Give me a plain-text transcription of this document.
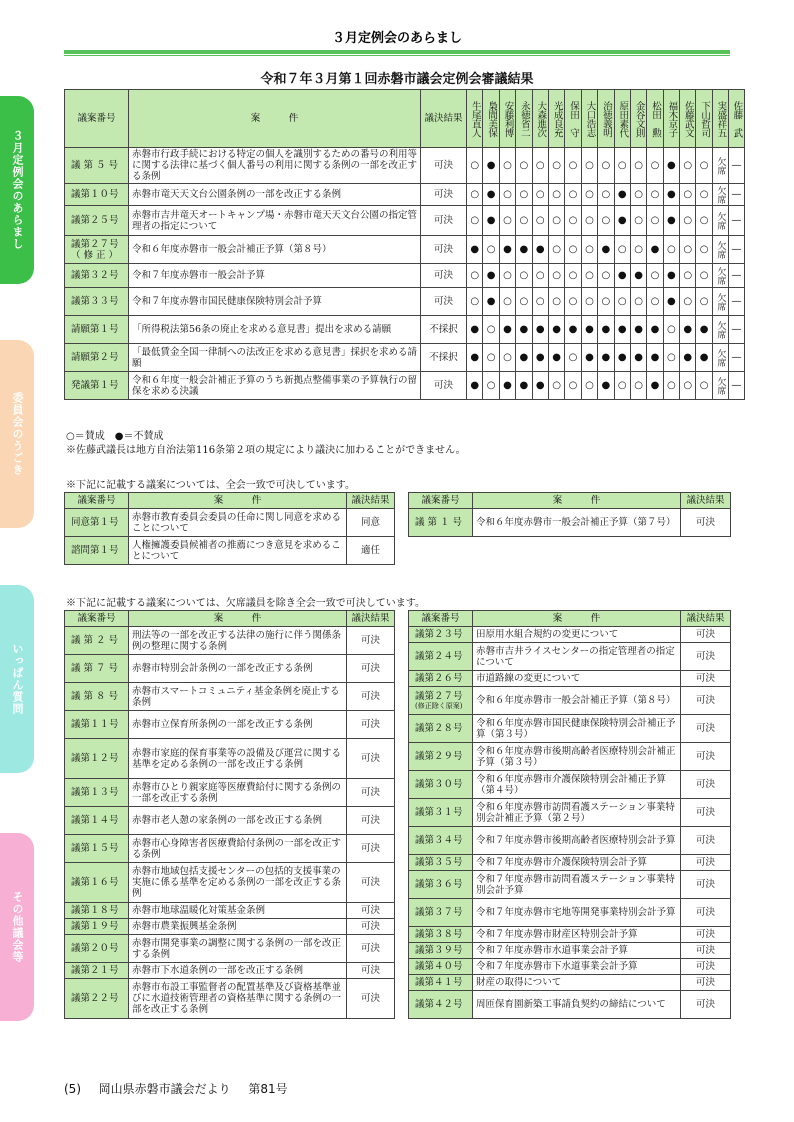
３月定例会のあらまし
３月定例会のあらまし
委員会のうごき
いっぱん質問
その他議会等
令和７年３月第１回赤磐市議会定例会審議結果
議案番号	案　　　件	議決結果	牛尾直人	梟間美保	安藤利博	永徳省二	大森進次	光成良充	保田　守	大口浩志	治徳義明	原田素代	金谷文則	松田　勲	福木京子	佐藤武文	下山哲司	実盛祥五	佐藤　武
議 第 ５ 号	赤磐市行政手続における特定の個人を識別するための番号の利用等に関する法律に基づく個人番号の利用に関する条例の一部を改正する条例	可決	○	●	○	○	○	○	○	○	○	○	○	○	●	○	○	欠席	—
議第１０号	赤磐市竜天天文台公園条例の一部を改正する条例	可決	○	●	○	○	○	○	○	○	○	●	○	○	●	○	○	欠席	—
議第２５号	赤磐市吉井竜天オートキャンプ場・赤磐市竜天天文台公園の指定管理者の指定について	可決	○	●	○	○	○	○	○	○	○	●	○	○	●	○	○	欠席	—
議第２７号
（ 修 正 ）	令和６年度赤磐市一般会計補正予算（第８号）	可決	●	○	●	●	●	○	○	○	●	○	○	●	○	○	○	欠席	—
議第３２号	令和７年度赤磐市一般会計予算	可決	○	●	○	○	○	○	○	○	○	●	●	○	●	○	○	欠席	—
議第３３号	令和７年度赤磐市国民健康保険特別会計予算	可決	○	●	○	○	○	○	○	○	○	○	○	○	●	○	○	欠席	—
請願第１号	「所得税法第56条の廃止を求める意見書」提出を求める請願	不採択	●	○	●	●	●	●	●	●	●	●	●	●	○	●	●	欠席	—
請願第２号	「最低賃金全国一律制への法改正を求める意見書」採択を求める請願	不採択	●	○	○	●	●	●	○	●	●	●	●	●	○	●	●	欠席	—
発議第１号	令和６年度一般会計補正予算のうち新拠点整備事業の予算執行の留保を求める決議	可決	●	○	●	●	●	○	○	○	●	○	○	●	○	○	○	欠席	—
○＝賛成　●＝不賛成
※佐藤武議長は地方自治法第116条第２項の規定により議決に加わることができません。
※下記に記載する議案については、全会一致で可決しています。
議案番号	案　　　件	議決結果

同意第１号	赤磐市教育委員会委員の任命に関し同意を求めることについて	同意

諮問第１号	人権擁護委員候補者の推薦につき意見を求めることについて	適任
議案番号	案　　　件	議決結果

議 第 １ 号	令和６年度赤磐市一般会計補正予算（第７号）	可決
※下記に記載する議案については、欠席議員を除き全会一致で可決しています。
議案番号	案　　　件	議決結果

議 第 ２ 号	刑法等の一部を改正する法律の施行に伴う関係条例の整理に関する条例	可決

議 第 ７ 号	赤磐市特別会計条例の一部を改正する条例	可決

議 第 ８ 号	赤磐市スマートコミュニティ基金条例を廃止する条例	可決

議第１１号	赤磐市立保育所条例の一部を改正する条例	可決

議第１２号	赤磐市家庭的保育事業等の設備及び運営に関する基準を定める条例の一部を改正する条例	可決

議第１３号	赤磐市ひとり親家庭等医療費給付に関する条例の一部を改正する条例	可決

議第１４号	赤磐市老人憩の家条例の一部を改正する条例	可決

議第１５号	赤磐市心身障害者医療費給付条例の一部を改正する条例	可決

議第１６号	赤磐市地域包括支援センターの包括的支援事業の実施に係る基準を定める条例の一部を改正する条例	可決

議第１８号	赤磐市地球温暖化対策基金条例	可決

議第１９号	赤磐市農業振興基金条例	可決

議第２０号	赤磐市開発事業の調整に関する条例の一部を改正する条例	可決

議第２１号	赤磐市下水道条例の一部を改正する条例	可決

議第２２号	赤磐市布設工事監督者の配置基準及び資格基準並びに水道技術管理者の資格基準に関する条例の一部を改正する条例	可決
議案番号	案　　　件	議決結果

議第２３号	田原用水組合規約の変更について	可決

議第２４号	赤磐市吉井ライスセンターの指定管理者の指定について	可決

議第２６号	市道路線の変更について	可決

議第２７号
(修正除く原案)	令和６年度赤磐市一般会計補正予算（第８号）	可決

議第２８号	令和６年度赤磐市国民健康保険特別会計補正予算（第３号）	可決

議第２９号	令和６年度赤磐市後期高齢者医療特別会計補正予算（第３号）	可決

議第３０号	令和６年度赤磐市介護保険特別会計補正予算（第４号）	可決

議第３１号	令和６年度赤磐市訪問看護ステーション事業特別会計補正予算（第２号）	可決

議第３４号	令和７年度赤磐市後期高齢者医療特別会計予算	可決

議第３５号	令和７年度赤磐市介護保険特別会計予算	可決

議第３６号	令和７年度赤磐市訪問看護ステーション事業特別会計予算	可決

議第３７号	令和７年度赤磐市宅地等開発事業特別会計予算	可決

議第３８号	令和７年度赤磐市財産区特別会計予算	可決

議第３９号	令和７年度赤磐市水道事業会計予算	可決

議第４０号	令和７年度赤磐市下水道事業会計予算	可決

議第４１号	財産の取得について	可決

議第４２号	周匝保育園新築工事請負契約の締結について	可決
(5) 岡山県赤磐市議会だより 第81号
